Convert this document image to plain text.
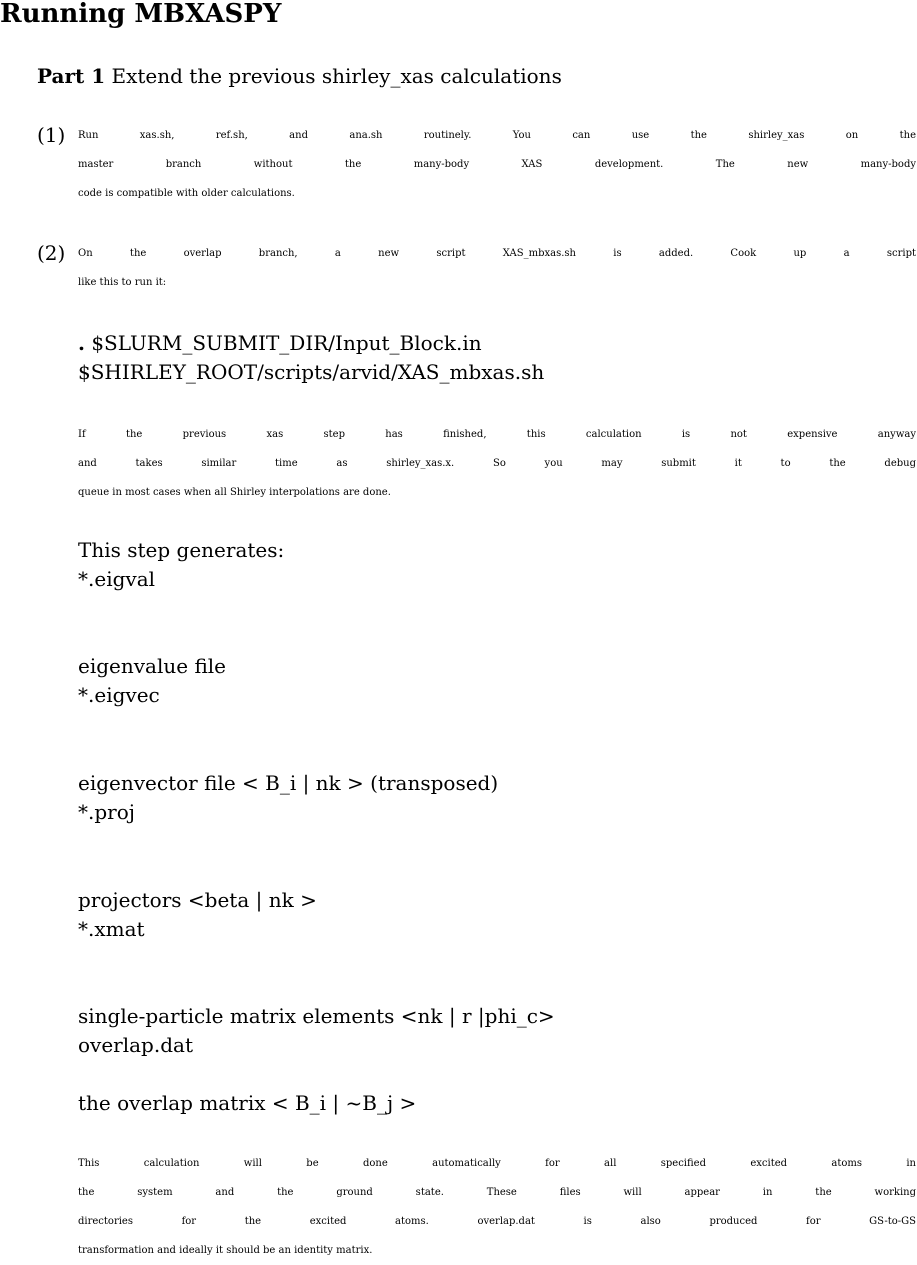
Running MBXASPY
Part 1 Extend the previous shirley_xas calculations
(1) Run xas.sh, ref.sh, and ana.sh routinely. You can use the shirley_xas on the
master branch without the many-body XAS development. The new many-body
code is compatible with older calculations.
(2) On the overlap branch, a new script XAS_mbxas.sh is added. Cook up a script
like this to run it:
. $SLURM_SUBMIT_DIR/Input_Block.in
$SHIRLEY_ROOT/scripts/arvid/XAS_mbxas.sh
If the previous xas step has finished, this calculation is not expensive anyway
and takes similar time as shirley_xas.x. So you may submit it to the debug
queue in most cases when all Shirley interpolations are done.
This step generates:
*.eigval
eigenvalue file
*.eigvec
eigenvector file < B_i | nk > (transposed)
*.proj
projectors <beta | nk >
*.xmat
single-particle matrix elements <nk | r |phi_c>
overlap.dat
the overlap matrix < B_i | ~B_j >
This calculation will be done automatically for all specified excited atoms in
the system and the ground state. These files will appear in the working
directories for the excited atoms. overlap.dat is also produced for GS-to-GS
transformation and ideally it should be an identity matrix.
